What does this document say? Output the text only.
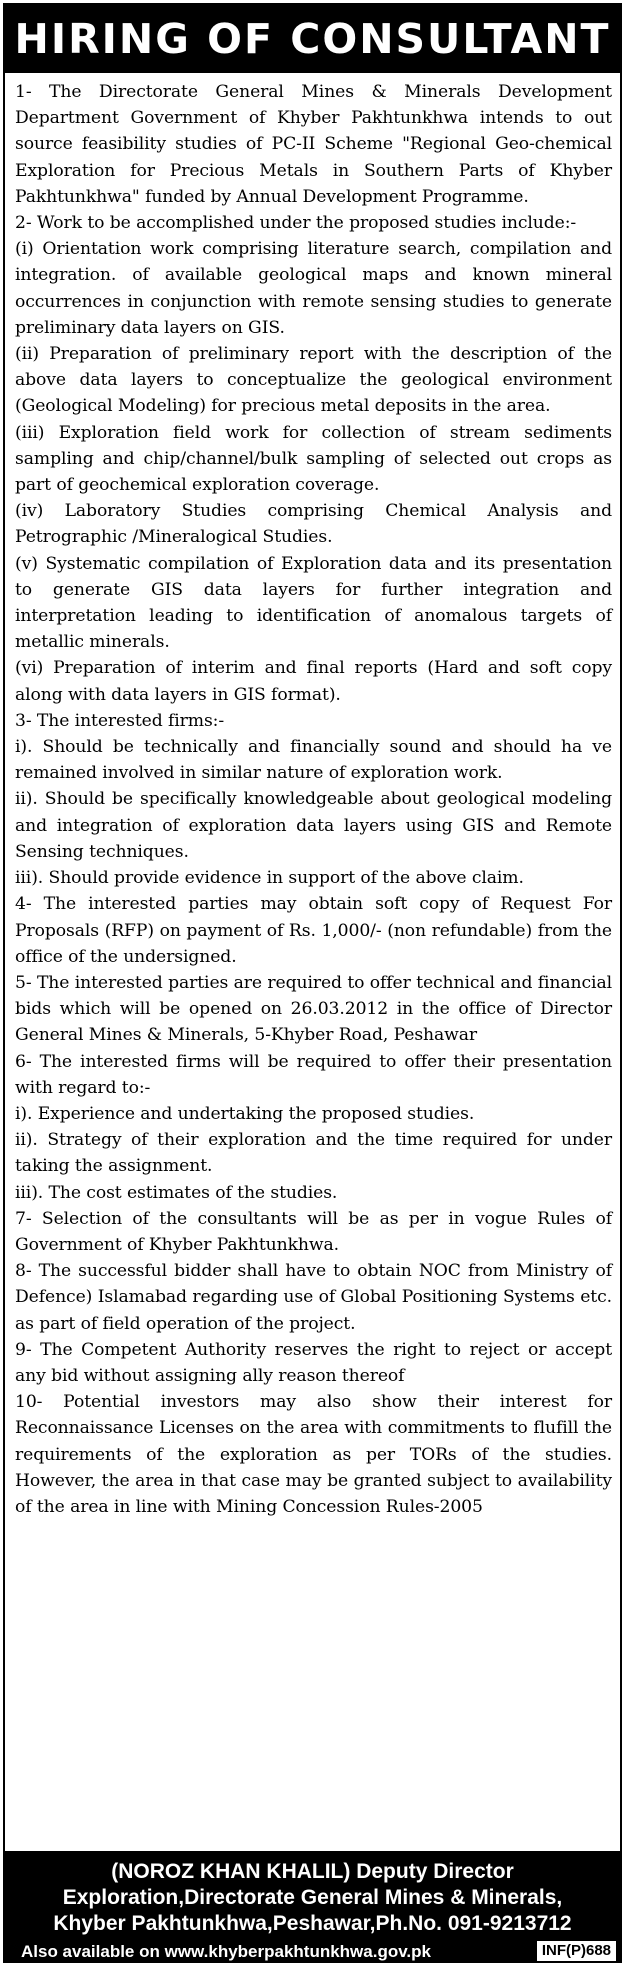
HIRING OF CONSULTANT

1- The Directorate General Mines & Minerals Development Department Government of Khyber Pakhtunkhwa intends to out source feasibility studies of PC-II Scheme "Regional Geo-chemical Exploration for Precious Metals in Southern Parts of Khyber Pakhtunkhwa" funded by Annual Development Programme.

2- Work to be accomplished under the proposed studies include:-

(i) Orientation work comprising literature search, compilation and integration. of available geological maps and known mineral occurrences in conjunction with remote sensing studies to generate preliminary data layers on GIS.

(ii) Preparation of preliminary report with the description of the above data layers to conceptualize the geological environment (Geological Modeling) for precious metal deposits in the area.

(iii) Exploration field work for collection of stream sediments sampling and chip/channel/bulk sampling of selected out crops as part of geochemical exploration coverage.

(iv) Laboratory Studies comprising Chemical Analysis and Petrographic /Mineralogical Studies.

(v) Systematic compilation of Exploration data and its presentation to generate GIS data layers for further integration and interpretation leading to identification of anomalous targets of metallic minerals.

(vi) Preparation of interim and final reports (Hard and soft copy along with data layers in GIS format).

3- The interested firms:-

i). Should be technically and financially sound and should ha ve remained involved in similar nature of exploration work.

ii). Should be specifically knowledgeable about geological modeling and integration of exploration data layers using GIS and Remote Sensing techniques.

iii). Should provide evidence in support of the above claim.

4- The interested parties may obtain soft copy of Request For Proposals (RFP) on payment of Rs. 1,000/- (non refundable) from the office of the undersigned.

5- The interested parties are required to offer technical and financial bids which will be opened on 26.03.2012 in the office of Director General Mines & Minerals, 5-Khyber Road, Peshawar

6- The interested firms will be required to offer their presentation with regard to:-

i). Experience and undertaking the proposed studies.

ii). Strategy of their exploration and the time required for under taking the assignment.

iii). The cost estimates of the studies.

7- Selection of the consultants will be as per in vogue Rules of Government of Khyber Pakhtunkhwa.

8- The successful bidder shall have to obtain NOC from Ministry of Defence) Islamabad regarding use of Global Positioning Systems etc. as part of field operation of the project.

9- The Competent Authority reserves the right to reject or accept any bid without assigning ally reason thereof

10- Potential investors may also show their interest for Reconnaissance Licenses on the area with commitments to flufill the requirements of the exploration as per TORs of the studies. However, the area in that case may be granted subject to availability of the area in line with Mining Concession Rules-2005

(NOROZ KHAN KHALIL) Deputy Director
Exploration,Directorate General Mines & Minerals,
Khyber Pakhtunkhwa,Peshawar,Ph.No. 091-9213712
Also available on www.khyberpakhtunkhwa.gov.pk	INF(P)688
